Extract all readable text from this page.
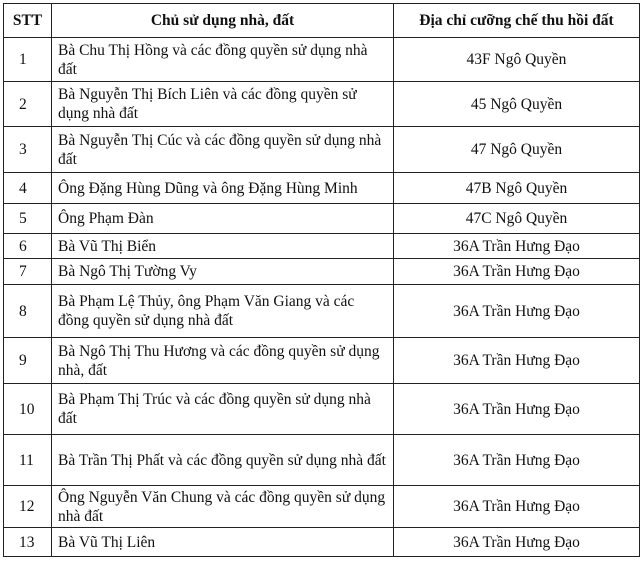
STT	Chủ sử dụng nhà, đất	Địa chỉ cưỡng chế thu hồi đất
1	Bà Chu Thị Hồng và các đồng quyền sử dụng nhà đất	43F Ngô Quyền
2	Bà Nguyễn Thị Bích Liên và các đồng quyền sử dụng nhà đất	45 Ngô Quyền
3	Bà Nguyễn Thị Cúc và các đồng quyền sử dụng nhà đất	47 Ngô Quyền
4	Ông Đặng Hùng Dũng và ông Đặng Hùng Minh	47B Ngô Quyền
5	Ông Phạm Đàn	47C Ngô Quyền
6	Bà Vũ Thị Biển	36A Trần Hưng Đạo
7	Bà Ngô Thị Tường Vy	36A Trần Hưng Đạo
8	Bà Phạm Lệ Thủy, ông Phạm Văn Giang và các đồng quyền sử dụng nhà đất	36A Trần Hưng Đạo
9	Bà Ngô Thị Thu Hương và các đồng quyền sử dụng nhà, đất	36A Trần Hưng Đạo
10	Bà Phạm Thị Trúc và các đồng quyền sử dụng nhà đất	36A Trần Hưng Đạo
11	Bà Trần Thị Phất và các đồng quyền sử dụng nhà đất	36A Trần Hưng Đạo
12	Ông Nguyễn Văn Chung và các đồng quyền sử dụng nhà đất	36A Trần Hưng Đạo
13	Bà Vũ Thị Liên	36A Trần Hưng Đạo
